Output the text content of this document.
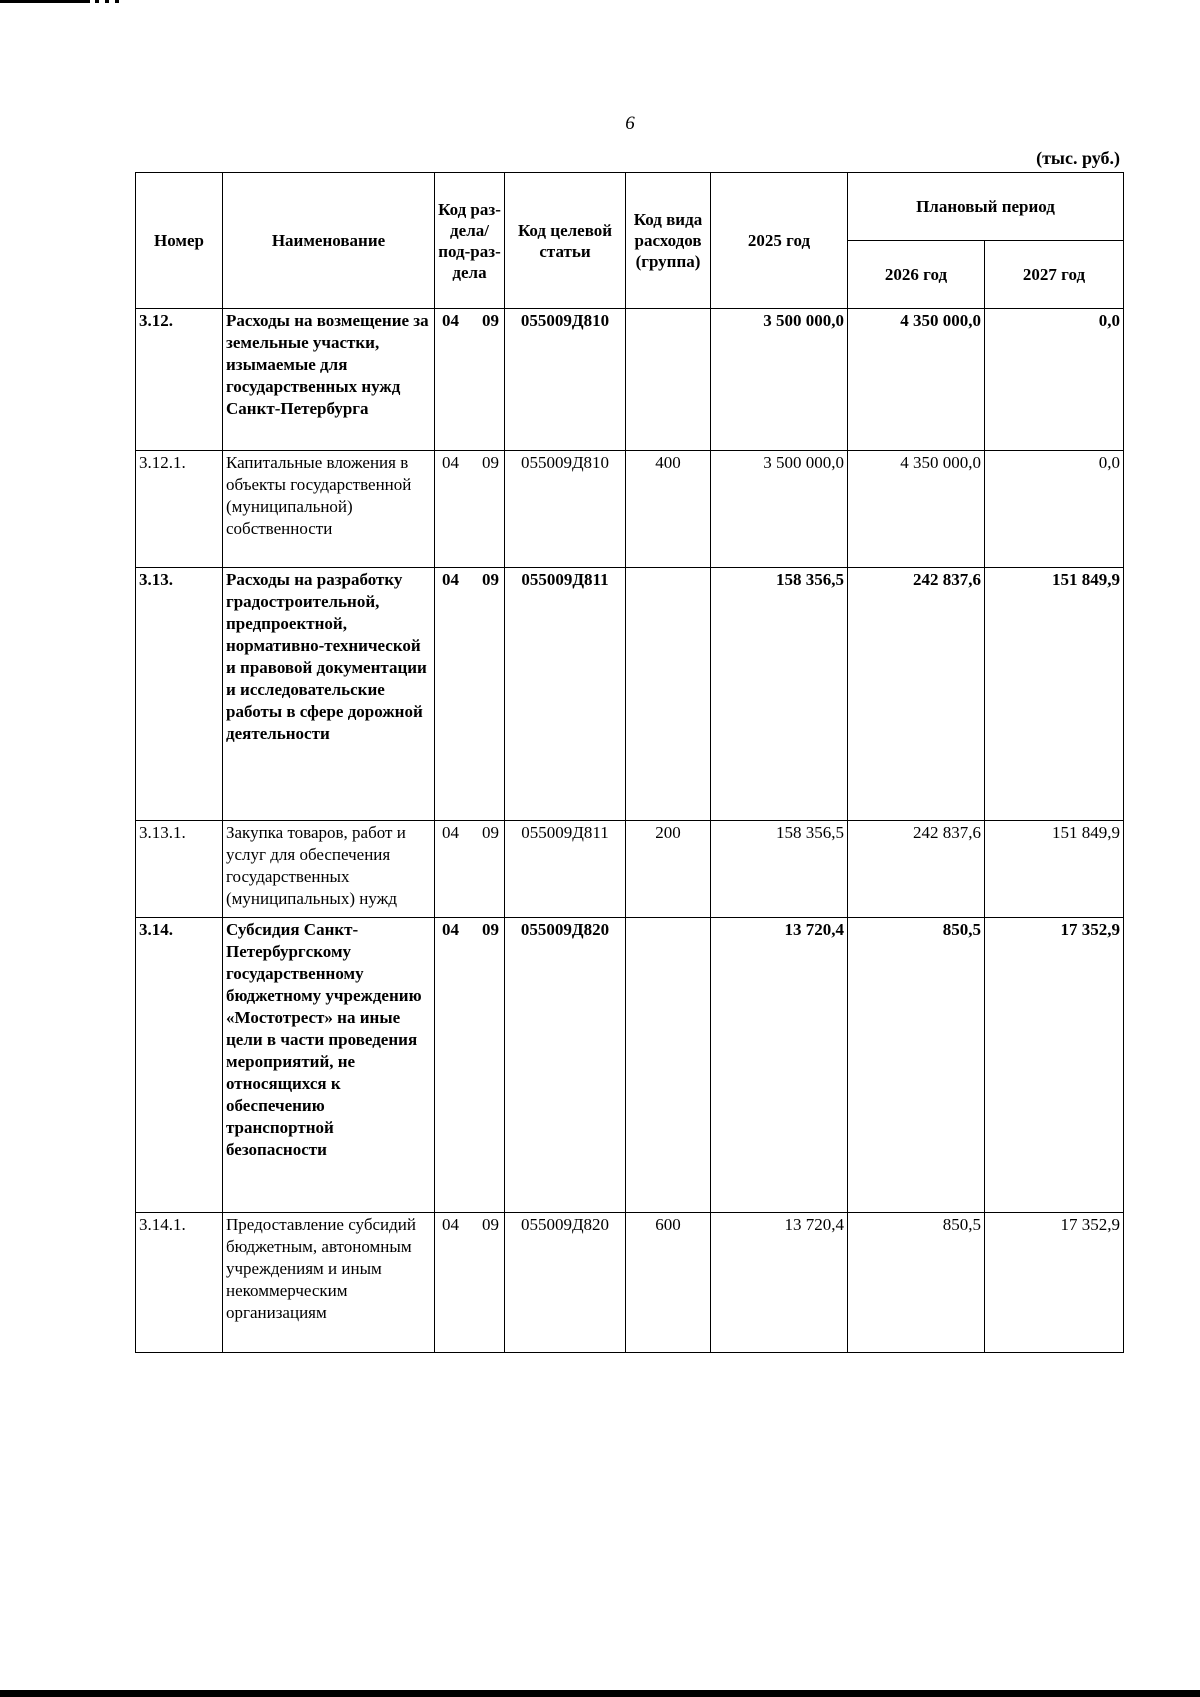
6
(тыс. руб.)
Номер	Наименование	Код раз-дела/ под-раз-дела	Код целевой статьи	Код вида расходов (группа)	2025 год	Плановый период	
						2026 год	2027 год
3.12.	Расходы на возмещение за земельные участки, изымаемые для государственных нужд Санкт-Петербурга	04 09	055009Д810		3 500 000,0	4 350 000,0	0,0
3.12.1.	Капитальные вложения в объекты государственной (муниципальной) собственности	04 09	055009Д810	400	3 500 000,0	4 350 000,0	0,0
3.13.	Расходы на разработку градостроительной, предпроектной, нормативно-технической и правовой документации и исследовательские работы в сфере дорожной деятельности	04 09	055009Д811		158 356,5	242 837,6	151 849,9
3.13.1.	Закупка товаров, работ и услуг для обеспечения государственных (муниципальных) нужд	04 09	055009Д811	200	158 356,5	242 837,6	151 849,9
3.14.	Субсидия Санкт-Петербургскому государственному бюджетному учреждению «Мостотрест» на иные цели в части проведения мероприятий, не относящихся к обеспечению транспортной безопасности	04 09	055009Д820		13 720,4	850,5	17 352,9
3.14.1.	Предоставление субсидий бюджетным, автономным учреждениям и иным некоммерческим организациям	04 09	055009Д820	600	13 720,4	850,5	17 352,9
